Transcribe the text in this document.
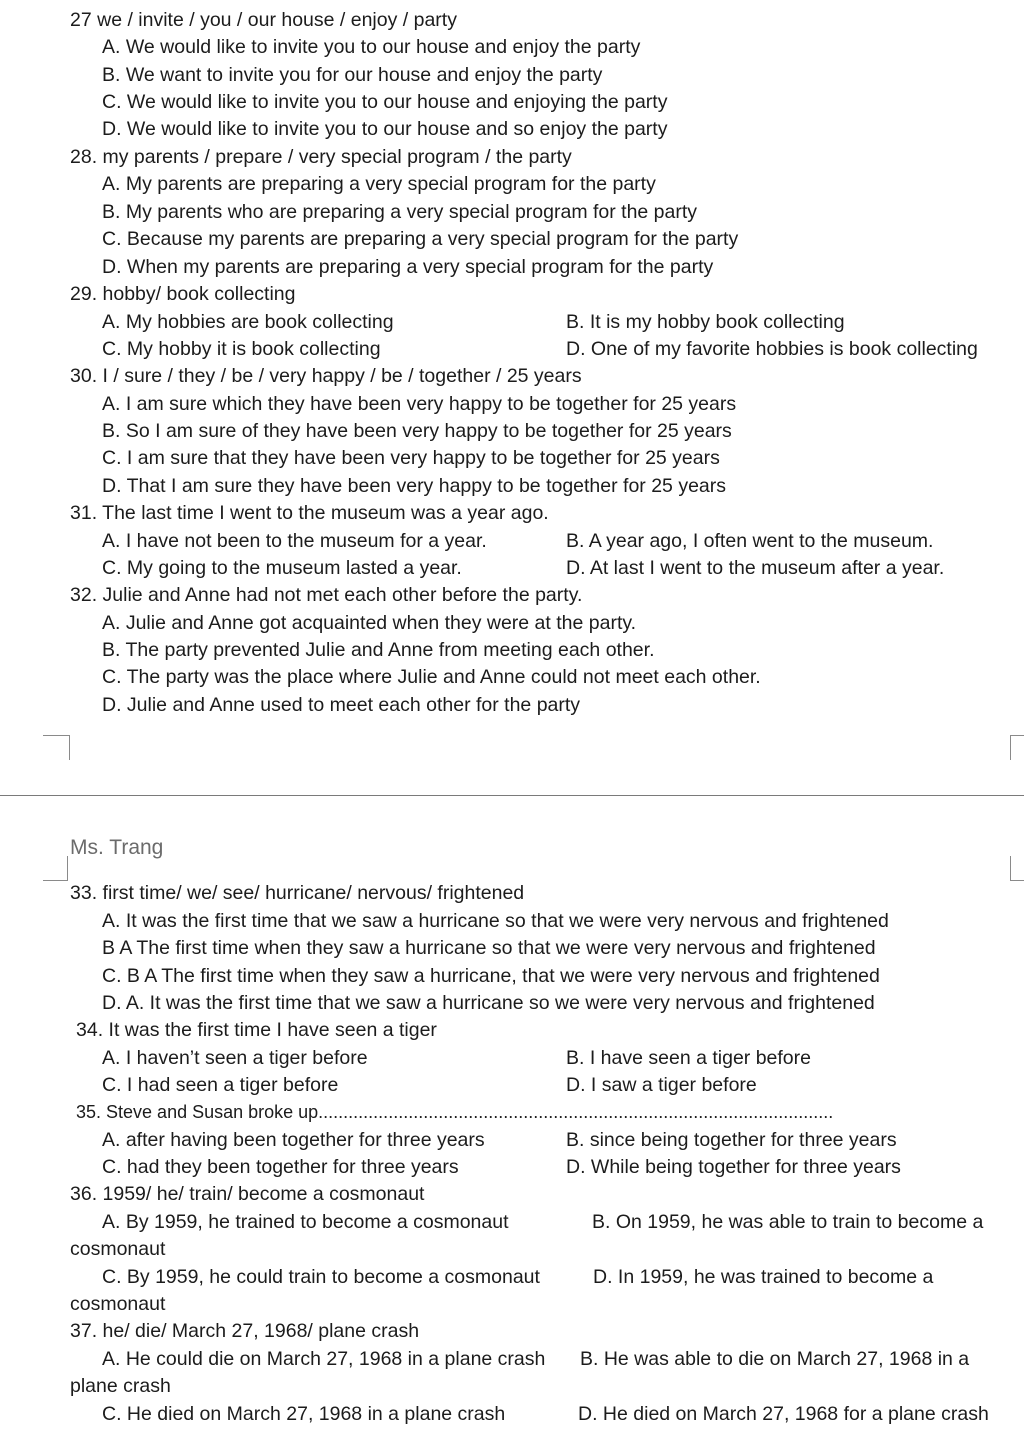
27 we / invite / you / our house / enjoy / party
A. We would like to invite you to our house and enjoy the party
B. We want to invite you for our house and enjoy the party
C. We would like to invite you to our house and enjoying the party
D. We would like to invite you to our house and so enjoy the party
28. my parents / prepare / very special program / the party
A. My parents are preparing a very special program for the party
B. My parents who are preparing a very special program for the party
C. Because my parents are preparing a very special program for the party
D. When my parents are preparing a very special program for the party
29. hobby/ book collecting
A. My hobbies are book collecting	B. It is my hobby book collecting
C. My hobby it is book collecting	D. One of my favorite hobbies is book collecting
30. I / sure / they / be / very happy / be / together / 25 years
A. I am sure which they have been very happy to be together for 25 years
B. So I am sure of they have been very happy to be together for 25 years
C. I am sure that they have been very happy to be together for 25 years
D. That I am sure they have been very happy to be together for 25 years
31. The last time I went to the museum was a year ago.
A. I have not been to the museum for a year.	B. A year ago, I often went to the museum.
C. My going to the museum lasted a year.	D. At last I went to the museum after a year.
32. Julie and Anne had not met each other before the party.
A. Julie and Anne got acquainted when they were at the party.
B. The party prevented Julie and Anne from meeting each other.
C. The party was the place where Julie and Anne could not meet each other.
D. Julie and Anne used to meet each other for the party
Ms. Trang
33. first time/ we/ see/ hurricane/ nervous/ frightened
A. It was the first time that we saw a hurricane so that we were very nervous and frightened
B A The first time when they saw a hurricane so that we were very nervous and frightened
C. B A The first time when they saw a hurricane, that we were very nervous and frightened
D. A. It was the first time that we saw a hurricane so we were very nervous and frightened
34. It was the first time I have seen a tiger
A. I haven’t seen a tiger before	B. I have seen a tiger before
C. I had seen a tiger before	D. I saw a tiger before
35. Steve and Susan broke up.......................................................................................................
A. after having been together for three years	B. since being together for three years
C. had they been together for three years	D. While being together for three years
36. 1959/ he/ train/ become a cosmonaut
A. By 1959, he trained to become a cosmonaut	B. On 1959, he was able to train to become a
cosmonaut
C. By 1959, he could train to become a cosmonaut	D. In 1959, he was trained to become a
cosmonaut
37. he/ die/ March 27, 1968/ plane crash
A. He could die on March 27, 1968 in a plane crash B. He was able to die on March 27, 1968 in a
plane crash
C. He died on March 27, 1968 in a plane crash	D. He died on March 27, 1968 for a plane crash
